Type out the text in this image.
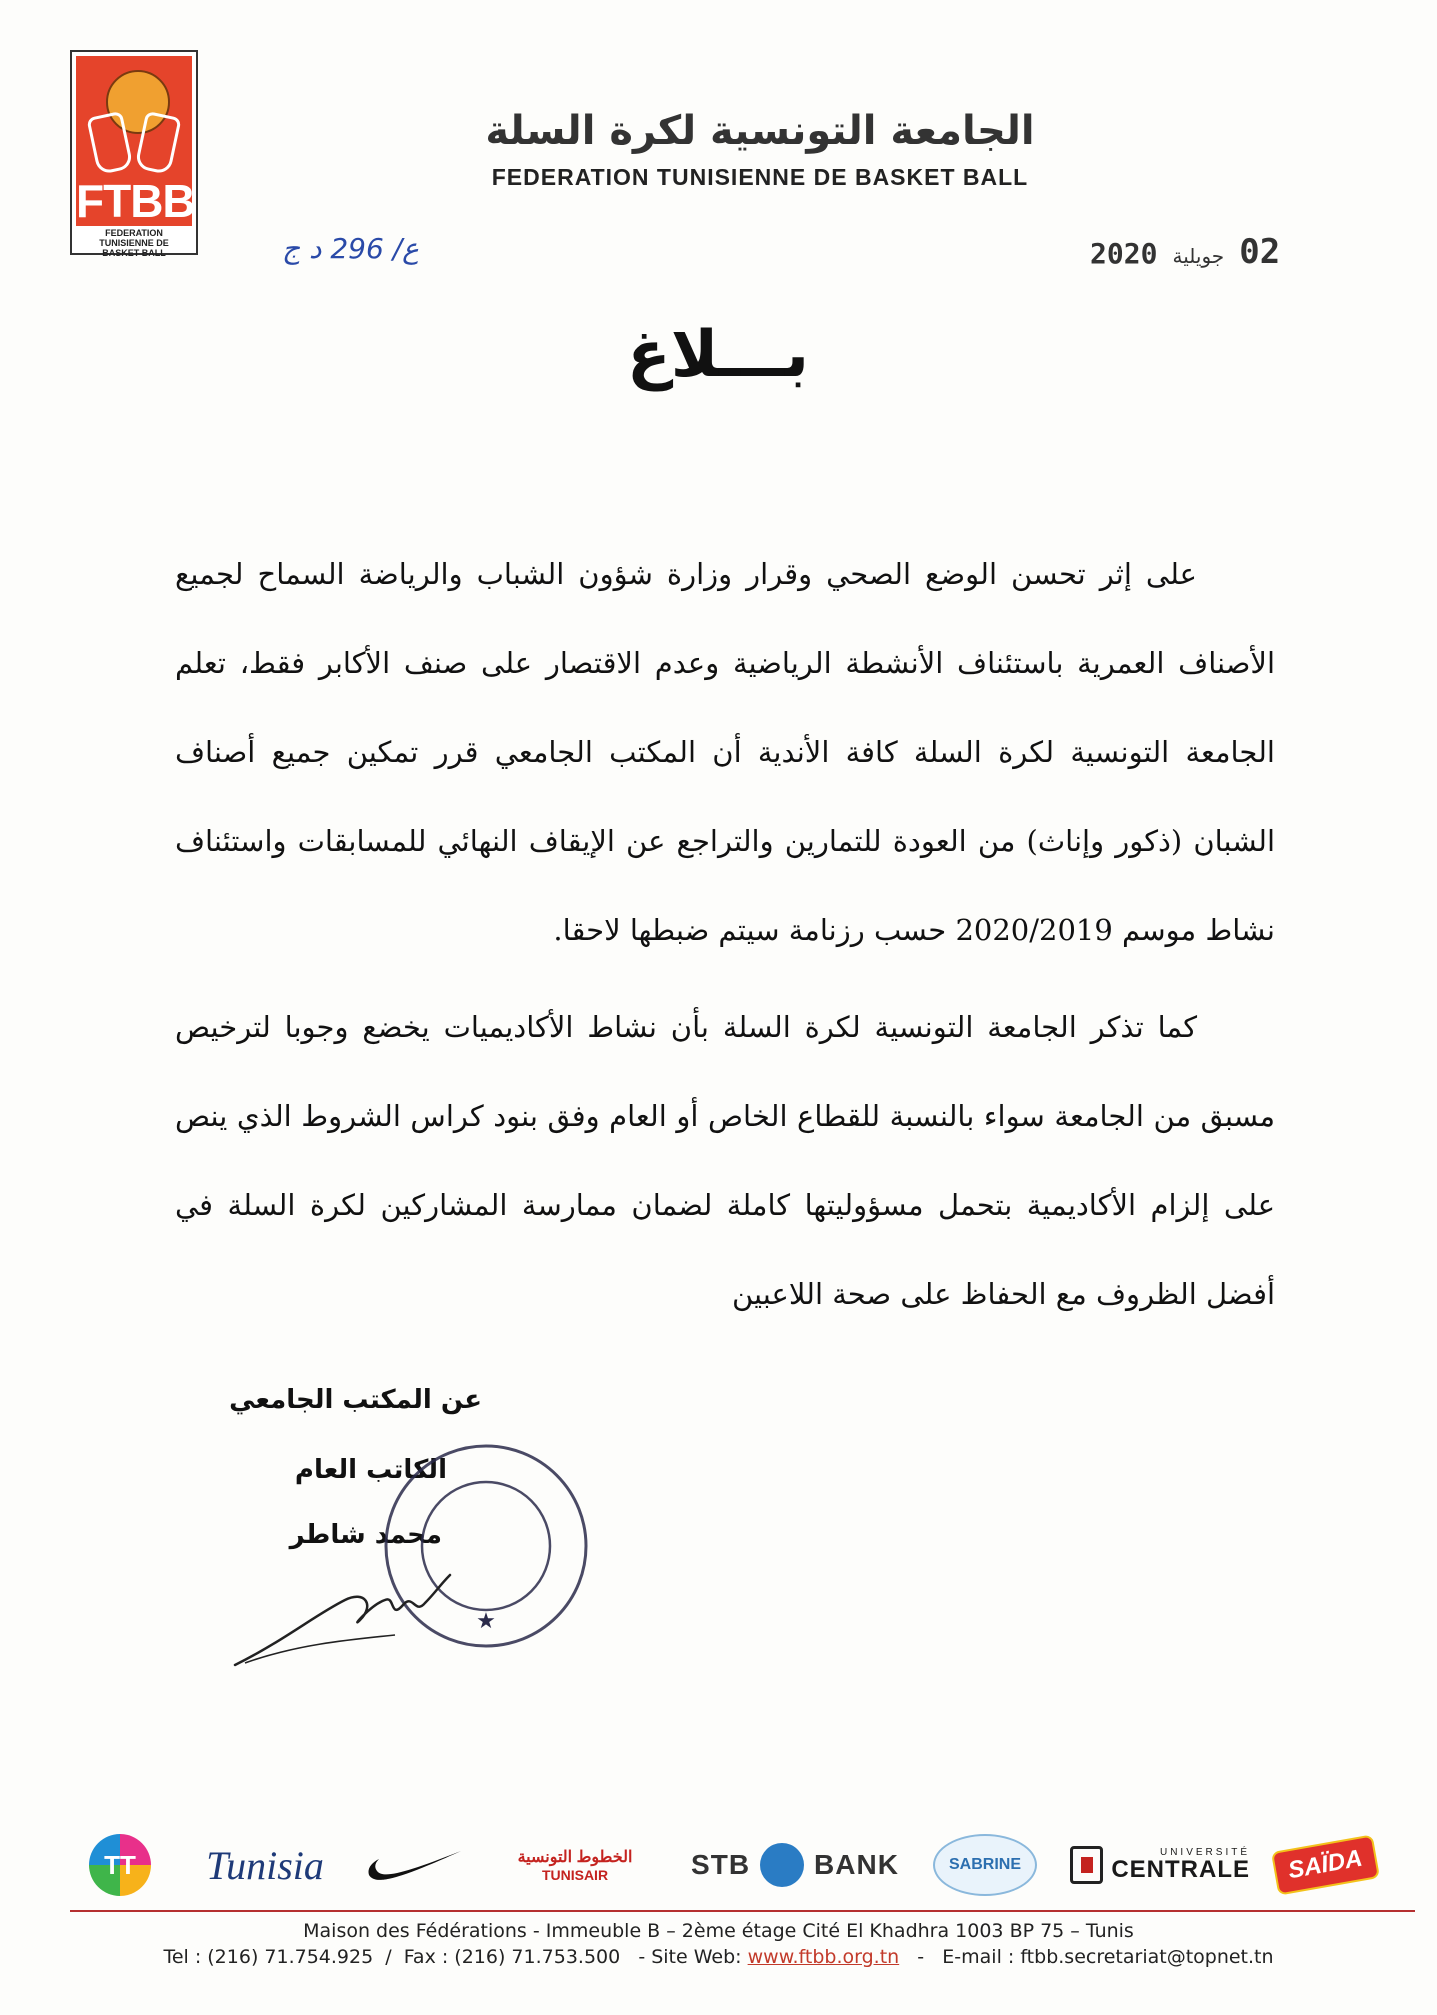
FTBB
FEDERATION
TUNISIENNE DE
BASKET BALL
الجامعة التونسية لكرة السلة
FEDERATION TUNISIENNE DE BASKET BALL
ع/ 296 د ج	02 جويلية 2020
بـــلاغ

على إثر تحسن الوضع الصحي وقرار وزارة شؤون الشباب والرياضة السماح لجميع الأصناف العمرية باستئناف الأنشطة الرياضية وعدم الاقتصار على صنف الأكابر فقط، تعلم الجامعة التونسية لكرة السلة كافة الأندية أن المكتب الجامعي قرر تمكين جميع أصناف الشبان (ذكور وإناث) من العودة للتمارين والتراجع عن الإيقاف النهائي للمسابقات واستئناف نشاط موسم 2020/2019 حسب رزنامة سيتم ضبطها لاحقا.

كما تذكر الجامعة التونسية لكرة السلة بأن نشاط الأكاديميات يخضع وجوبا لترخيص مسبق من الجامعة سواء بالنسبة للقطاع الخاص أو العام وفق بنود كراس الشروط الذي ينص على إلزام الأكاديمية بتحمل مسؤوليتها كاملة لضمان ممارسة المشاركين لكرة السلة في أفضل الظروف مع الحفاظ على صحة اللاعبين

عن المكتب الجامعي
الكاتب العام
محمد شاطر
★
TT	Tunisia	الخطوط التونسية
TUNISAIR	STB BANK	SABRINE
UNIVERSITÉ
CENTRALE	SAÏDA
Maison des Fédérations - Immeuble B – 2ème étage Cité El Khadhra 1003 BP 75 – Tunis
Tel : (216) 71.754.925  /  Fax : (216) 71.753.500   - Site Web: www.ftbb.org.tn   -   E-mail : ftbb.secretariat@topnet.tn
